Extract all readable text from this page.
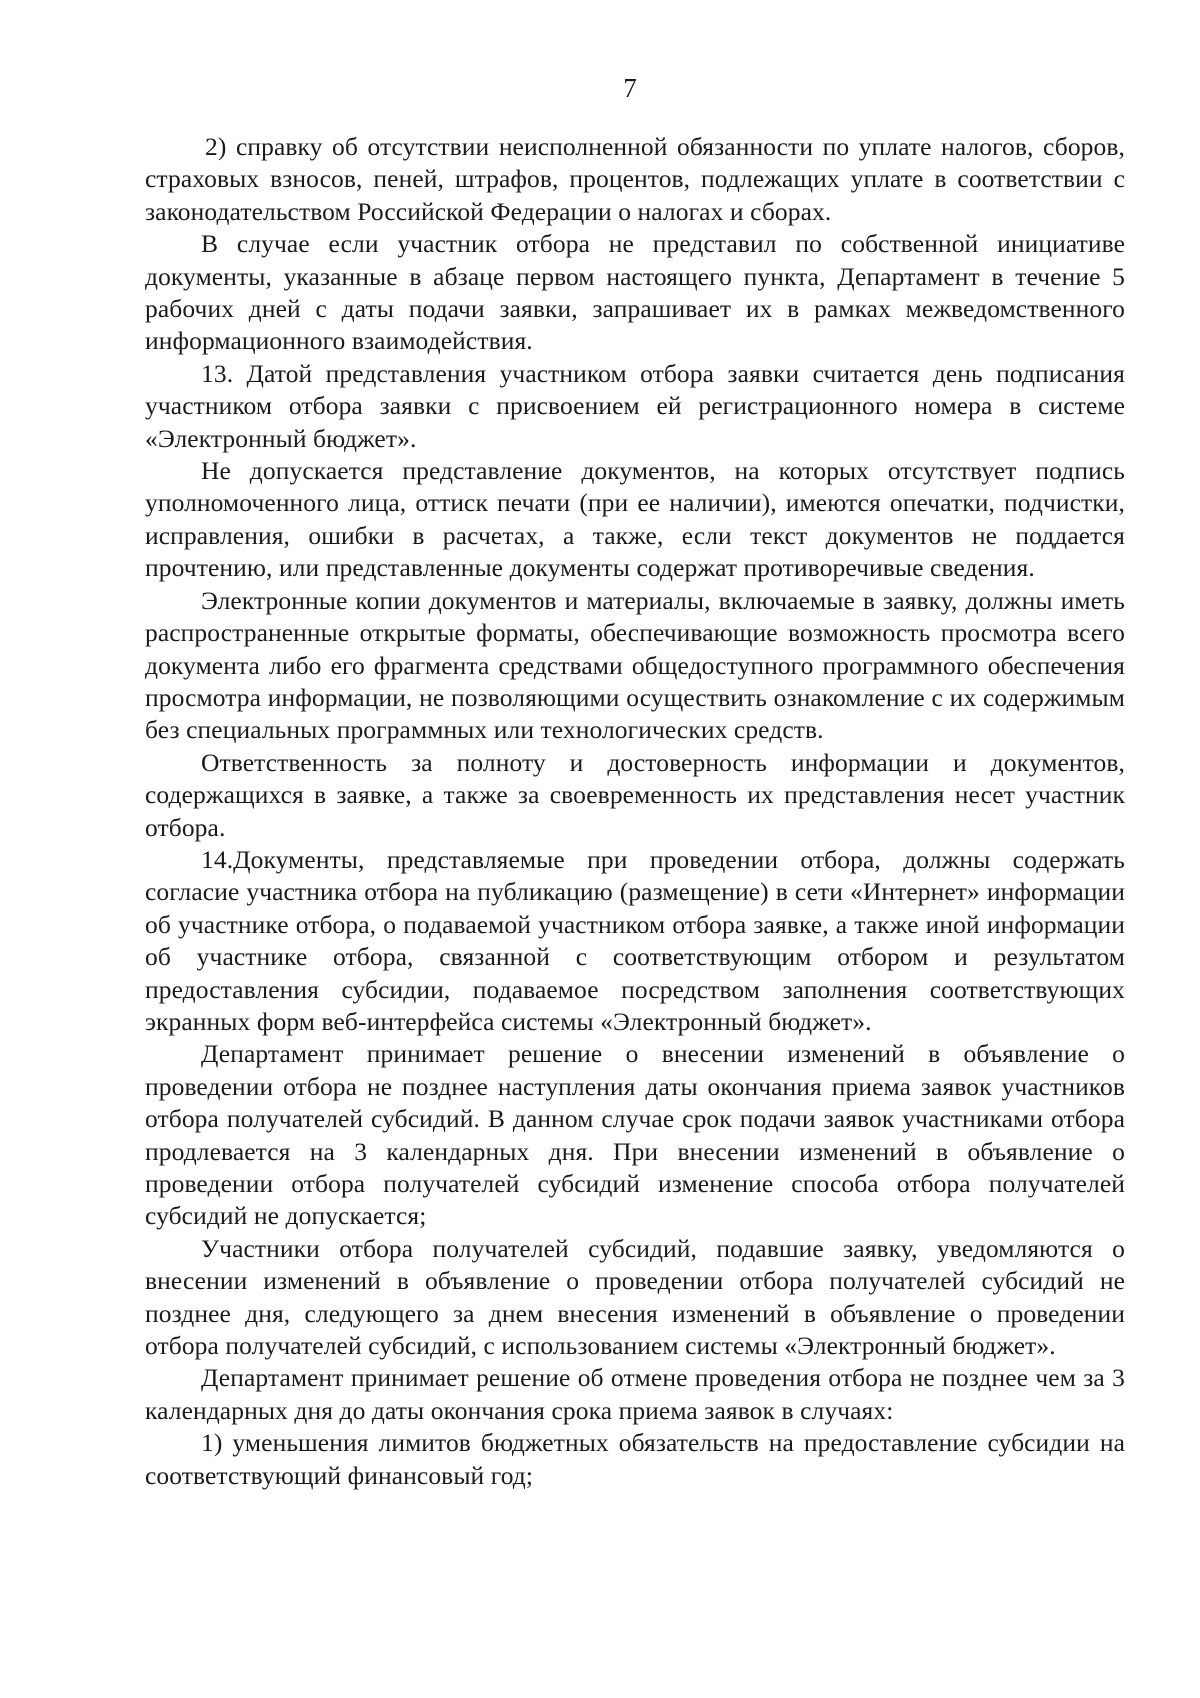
7

2) справку об отсутствии неисполненной обязанности по уплате налогов, сборов, страховых взносов, пеней, штрафов, процентов, подлежащих уплате в соответствии с законодательством Российской Федерации о налогах и сборах.

В случае если участник отбора не представил по собственной инициативе документы, указанные в абзаце первом настоящего пункта, Департамент в течение 5 рабочих дней с даты подачи заявки, запрашивает их в рамках межведомственного информационного взаимодействия.

13. Датой представления участником отбора заявки считается день подписания участником отбора заявки с присвоением ей регистрационного номера в системе «Электронный бюджет».

Не допускается представление документов, на которых отсутствует подпись уполномоченного лица, оттиск печати (при ее наличии), имеются опечатки, подчистки, исправления, ошибки в расчетах, а также, если текст документов не поддается прочтению, или представленные документы содержат противоречивые сведения.

Электронные копии документов и материалы, включаемые в заявку, должны иметь распространенные открытые форматы, обеспечивающие возможность просмотра всего документа либо его фрагмента средствами общедоступного программного обеспечения просмотра информации, не позволяющими осуществить ознакомление с их содержимым без специальных программных или технологических средств.

Ответственность за полноту и достоверность информации и документов, содержащихся в заявке, а также за своевременность их представления несет участник отбора.

14.Документы, представляемые при проведении отбора, должны содержать согласие участника отбора на публикацию (размещение) в сети «Интернет» информации об участнике отбора, о подаваемой участником отбора заявке, а также иной информации об участнике отбора, связанной с соответствующим отбором и результатом предоставления субсидии, подаваемое посредством заполнения соответствующих экранных форм веб-интерфейса системы «Электронный бюджет».

Департамент принимает решение о внесении изменений в объявление о проведении отбора не позднее наступления даты окончания приема заявок участников отбора получателей субсидий. В данном случае срок подачи заявок участниками отбора продлевается на 3 календарных дня. При внесении изменений в объявление о проведении отбора получателей субсидий изменение способа отбора получателей субсидий не допускается;

Участники отбора получателей субсидий, подавшие заявку, уведомляются о внесении изменений в объявление о проведении отбора получателей субсидий не позднее дня, следующего за днем внесения изменений в объявление о проведении отбора получателей субсидий, с использованием системы «Электронный бюджет».

Департамент принимает решение об отмене проведения отбора не позднее чем за 3 календарных дня до даты окончания срока приема заявок в случаях:

1) уменьшения лимитов бюджетных обязательств на предоставление субсидии на соответствующий финансовый год;
